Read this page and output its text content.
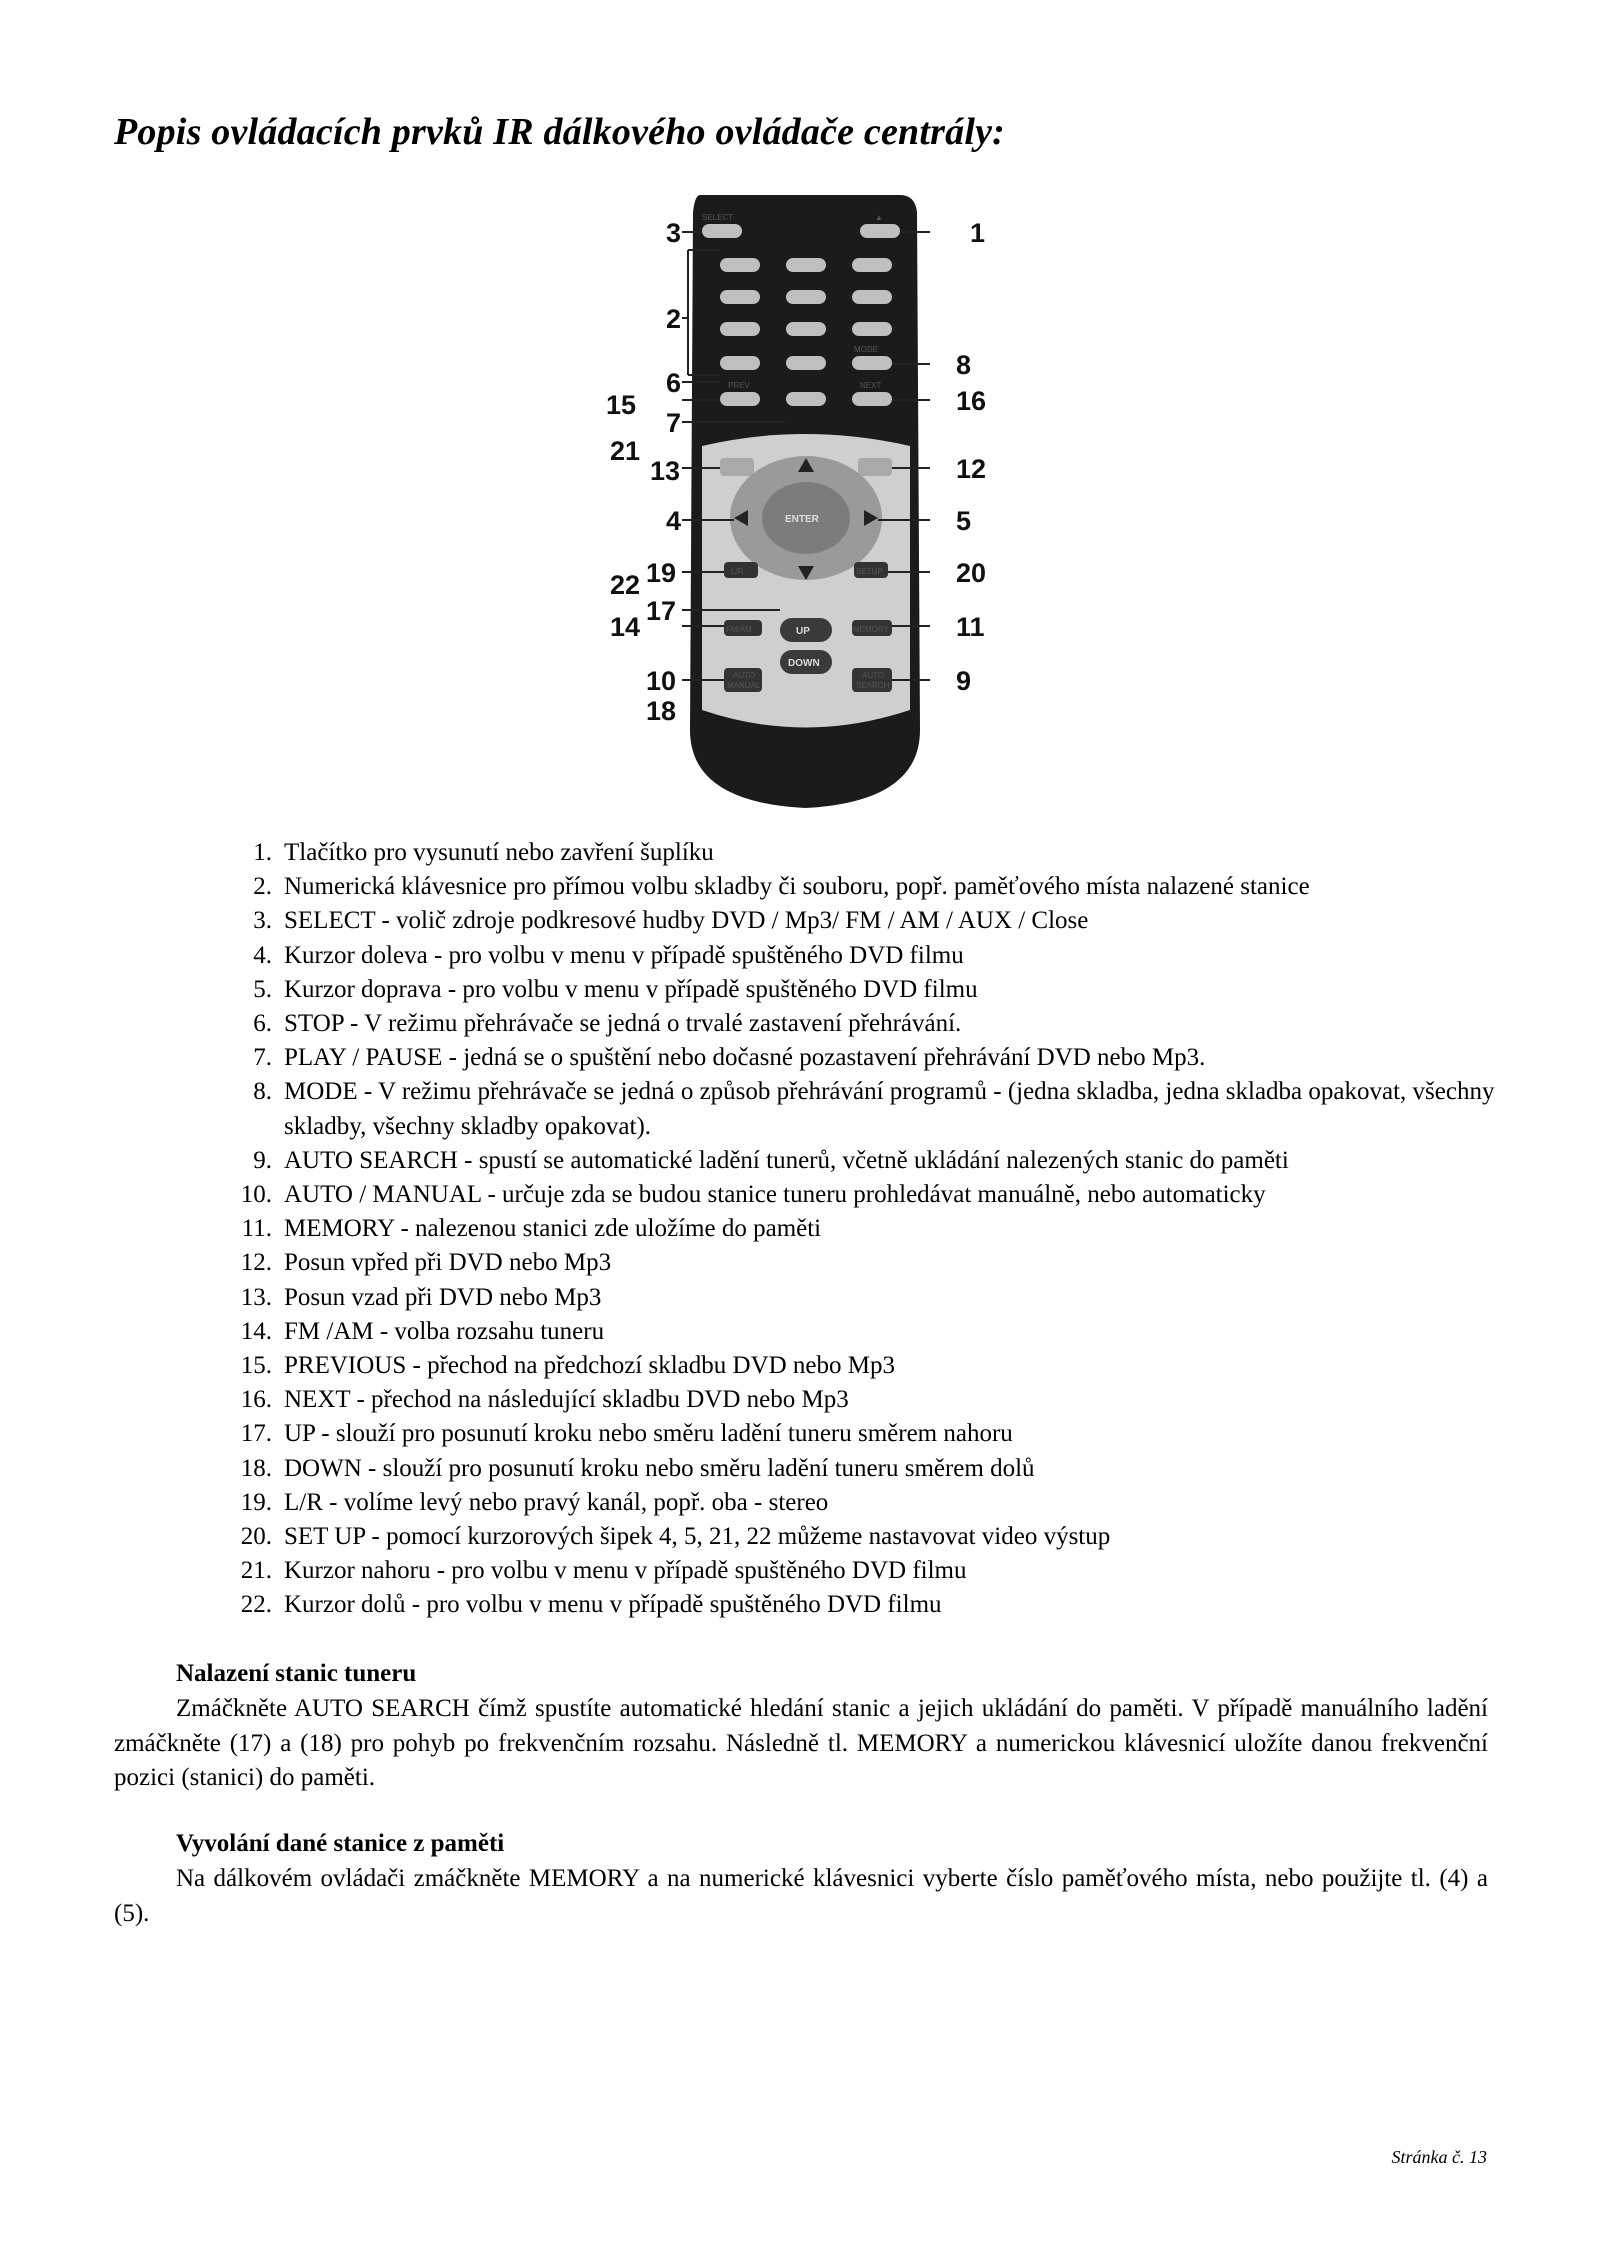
Popis ovládacích prvků IR dálkového ovládače centrály:
SELECT	▲
MODE
PREV	NEXT
ENTER
L/R	SETUP
FM/AM	MEMORY
UP
DOWN
AUTO
MANUAL
AUTO
SEARCH
3	1
2
6
8
15	16
7
21
13	12
4	5
22 19	20
17
14	11
10	9
18
1. Tlačítko pro vysunutí nebo zavření šuplíku
2. Numerická klávesnice pro přímou volbu skladby či souboru, popř. paměťového místa nalazené stanice
3. SELECT - volič zdroje podkresové hudby DVD / Mp3/ FM / AM / AUX / Close
4. Kurzor doleva - pro volbu v menu v případě spuštěného DVD filmu
5. Kurzor doprava - pro volbu v menu v případě spuštěného DVD filmu
6. STOP - V režimu přehrávače se jedná o trvalé zastavení přehrávání.
7. PLAY / PAUSE - jedná se o spuštění nebo dočasné pozastavení přehrávání DVD nebo Mp3.
8. MODE - V režimu přehrávače se jedná o způsob přehrávání programů - (jedna skladba, jedna skladba opakovat, všechny skladby, všechny skladby opakovat).
9. AUTO SEARCH - spustí se automatické ladění tunerů, včetně ukládání nalezených stanic do paměti
10. AUTO / MANUAL - určuje zda se budou stanice tuneru prohledávat manuálně, nebo automaticky
11. MEMORY - nalezenou stanici zde uložíme do paměti
12. Posun vpřed při DVD nebo Mp3
13. Posun vzad při DVD nebo Mp3
14. FM /AM - volba rozsahu tuneru
15. PREVIOUS - přechod na předchozí skladbu DVD nebo Mp3
16. NEXT - přechod na následující skladbu DVD nebo Mp3
17. UP - slouží pro posunutí kroku nebo směru ladění tuneru směrem nahoru
18. DOWN - slouží pro posunutí kroku nebo směru ladění tuneru směrem dolů
19. L/R - volíme levý nebo pravý kanál, popř. oba - stereo
20. SET UP - pomocí kurzorových šipek 4, 5, 21, 22 můžeme nastavovat video výstup
21. Kurzor nahoru - pro volbu v menu v případě spuštěného DVD filmu
22. Kurzor dolů - pro volbu v menu v případě spuštěného DVD filmu
Nalazení stanic tuneru

Zmáčkněte AUTO SEARCH čímž spustíte automatické hledání stanic a jejich ukládání do paměti. V případě manuálního ladění zmáčkněte (17) a (18) pro pohyb po frekvenčním rozsahu. Následně tl. MEMORY a numerickou klávesnicí uložíte danou frekvenční pozici (stanici) do paměti.

Vyvolání dané stanice z paměti

Na dálkovém ovládači zmáčkněte MEMORY a na numerické klávesnici vyberte číslo paměťového místa, nebo použijte tl. (4) a (5).

Stránka č. 13
